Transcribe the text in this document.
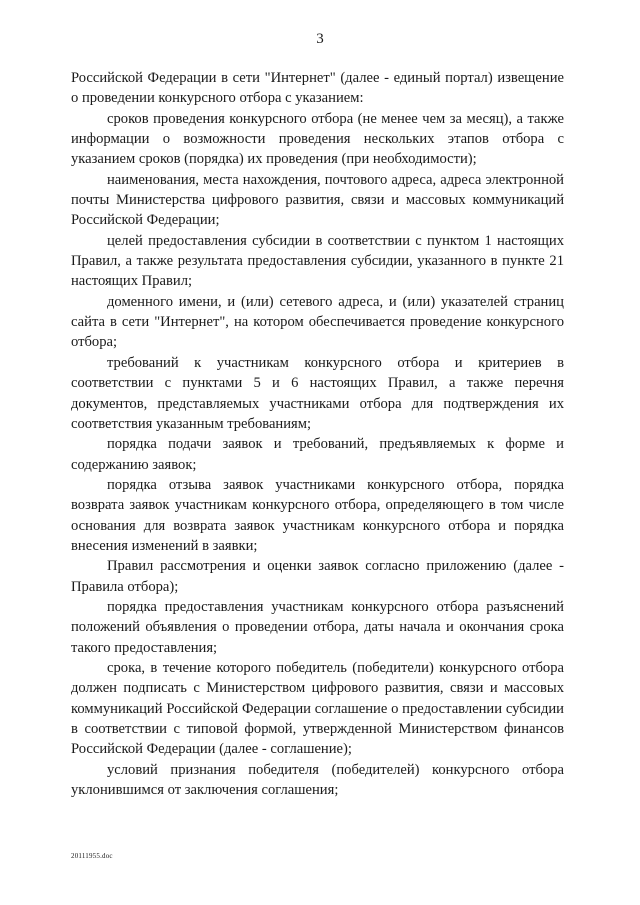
3

Российской Федерации в сети "Интернет" (далее - единый портал) извещение о проведении конкурсного отбора с указанием:

сроков проведения конкурсного отбора (не менее чем за месяц), а также информации о возможности проведения нескольких этапов отбора с указанием сроков (порядка) их проведения (при необходимости);

наименования, места нахождения, почтового адреса, адреса электронной почты Министерства цифрового развития, связи и массовых коммуникаций Российской Федерации;

целей предоставления субсидии в соответствии с пунктом 1 настоящих Правил, а также результата предоставления субсидии, указанного в пункте 21 настоящих Правил;

доменного имени, и (или) сетевого адреса, и (или) указателей страниц сайта в сети "Интернет", на котором обеспечивается проведение конкурсного отбора;

требований к участникам конкурсного отбора и критериев в соответствии с пунктами 5 и 6 настоящих Правил, а также перечня документов, представляемых участниками отбора для подтверждения их соответствия указанным требованиям;

порядка подачи заявок и требований, предъявляемых к форме и содержанию заявок;

порядка отзыва заявок участниками конкурсного отбора, порядка возврата заявок участникам конкурсного отбора, определяющего в том числе основания для возврата заявок участникам конкурсного отбора и порядка внесения изменений в заявки;

Правил рассмотрения и оценки заявок согласно приложению (далее - Правила отбора);

порядка предоставления участникам конкурсного отбора разъяснений положений объявления о проведении отбора, даты начала и окончания срока такого предоставления;

срока, в течение которого победитель (победители) конкурсного отбора должен подписать с Министерством цифрового развития, связи и массовых коммуникаций Российской Федерации соглашение о предоставлении субсидии в соответствии с типовой формой, утвержденной Министерством финансов Российской Федерации (далее - соглашение);

условий признания победителя (победителей) конкурсного отбора уклонившимся от заключения соглашения;

20111955.doc
